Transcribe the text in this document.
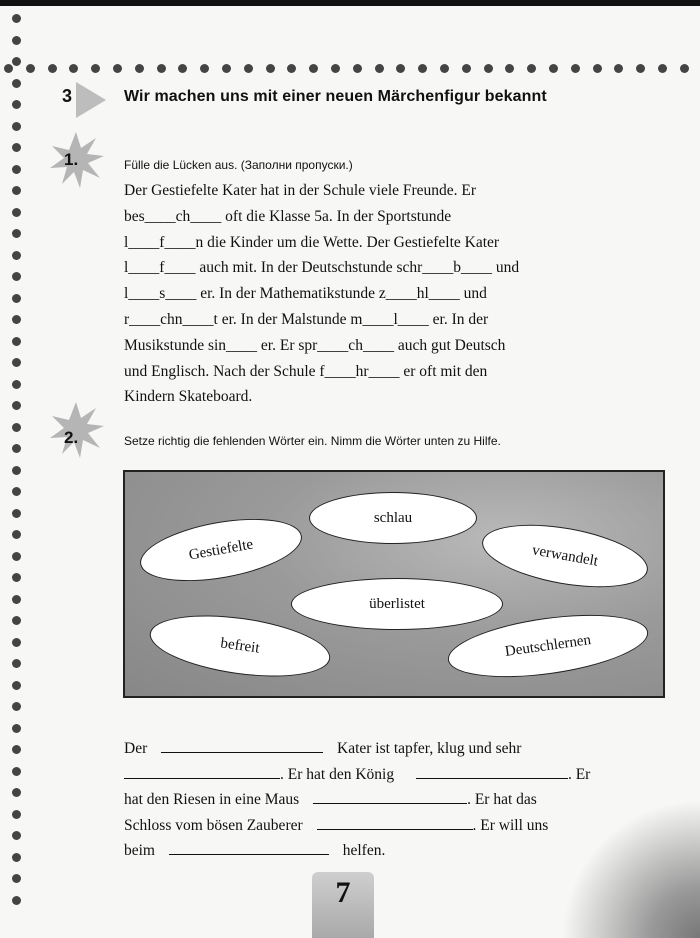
3	Wir machen uns mit einer neuen Märchenfigur bekannt
1.	Fülle die Lücken aus. (Заполни пропуски.)
Der Gestiefelte Kater hat in der Schule viele Freunde. Er
bes____ch____ oft die Klasse 5a. In der Sportstunde
l____f____n die Kinder um die Wette. Der Gestiefelte Kater
l____f____ auch mit. In der Deutschstunde schr____b____ und
l____s____ er. In der Mathematikstunde z____hl____ und
r____chn____t er. In der Malstunde m____l____ er. In der
Musikstunde sin____ er. Er spr____ch____ auch gut Deutsch
und Englisch. Nach der Schule f____hr____ er oft mit den
Kindern Skateboard.
2.	Setze richtig die fehlenden Wörter ein. Nimm die Wörter unten zu Hilfe.
schlau
Gestiefelte	verwandelt
überlistet
befreit	Deutschlernen
Der	Kater ist tapfer, klug und sehr
. Er hat den König	. Er
hat den Riesen in eine Maus	. Er hat das
Schloss vom bösen Zauberer	. Er will uns
beim	helfen.
7
